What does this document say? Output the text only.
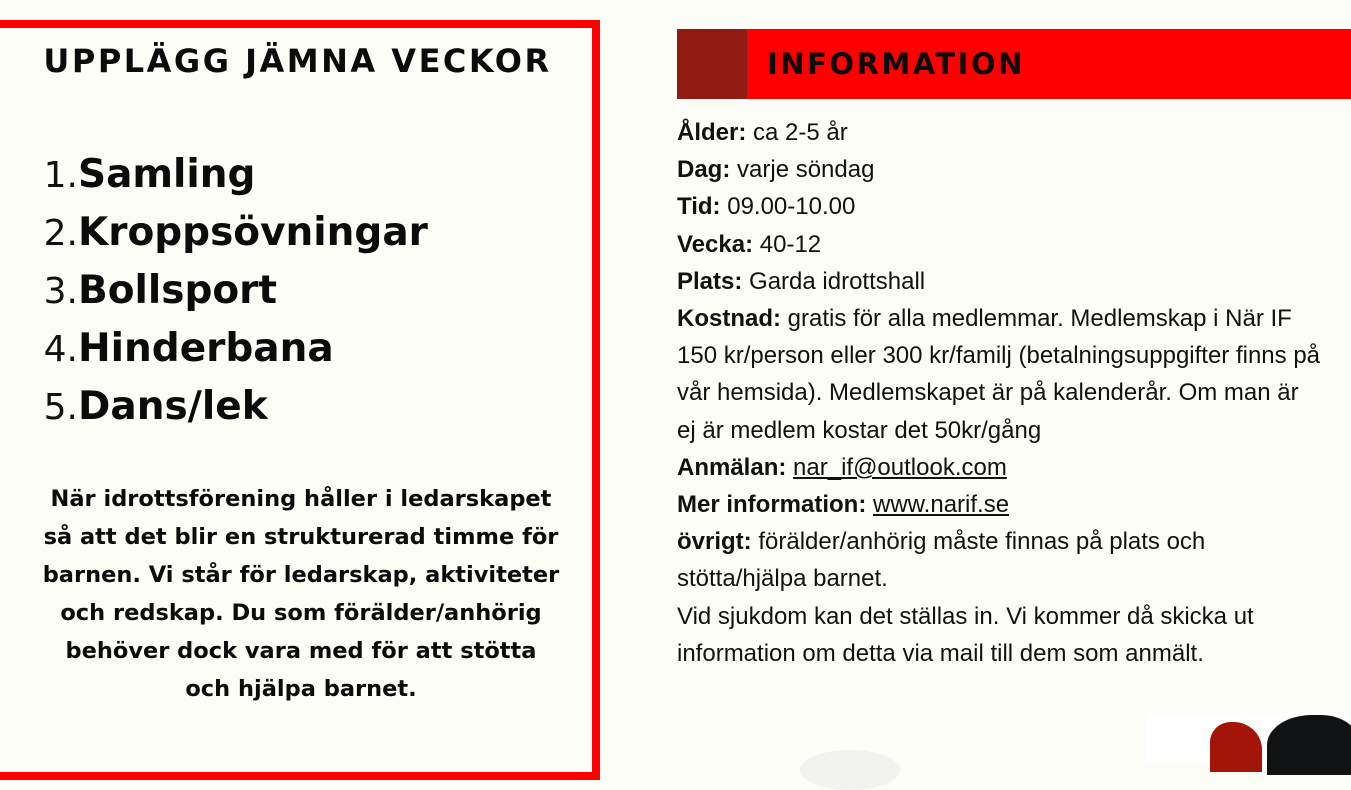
UPPLÄGG JÄMNA VECKOR
1. Samling
2. Kroppsövningar
3. Bollsport
4. Hinderbana
5. Dans/lek
När idrottsförening håller i ledarskapet
så att det blir en strukturerad timme för
barnen. Vi står för ledarskap, aktiviteter
och redskap. Du som förälder/anhörig
behöver dock vara med för att stötta
och hjälpa barnet.
INFORMATION
Ålder: ca 2-5 år
Dag: varje söndag
Tid: 09.00-10.00
Vecka: 40-12
Plats: Garda idrottshall
Kostnad: gratis för alla medlemmar. Medlemskap i När IF 150 kr/person eller 300 kr/familj (betalningsuppgifter finns på vår hemsida). Medlemskapet är på kalenderår. Om man är ej är medlem kostar det 50kr/gång
Anmälan: nar_if@outlook.com
Mer information: www.narif.se
övrigt: förälder/anhörig måste finnas på plats och stötta/hjälpa barnet.
Vid sjukdom kan det ställas in. Vi kommer då skicka ut information om detta via mail till dem som anmält.
